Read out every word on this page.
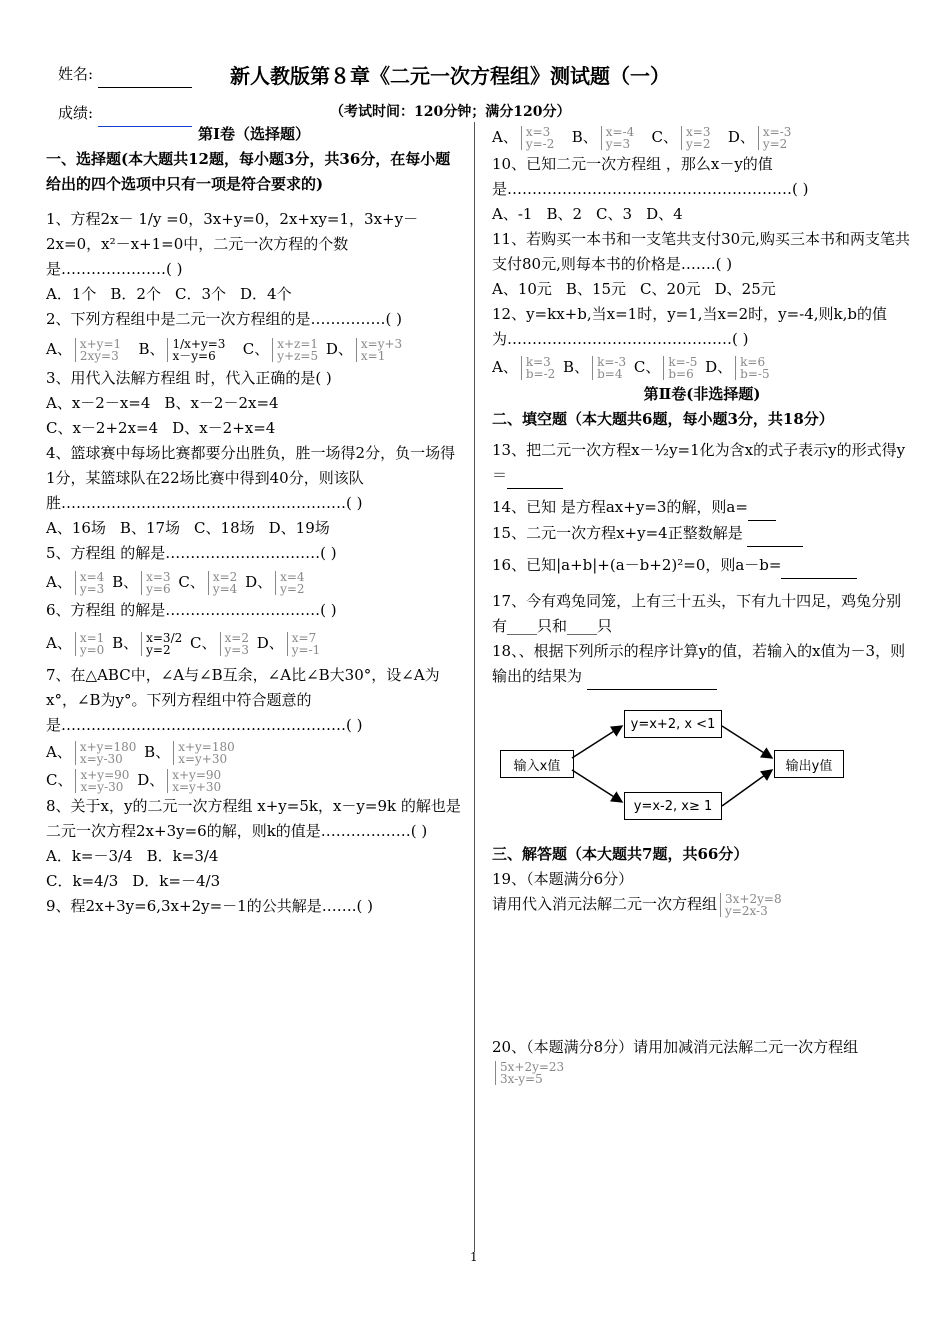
姓名:	新人教版第８章《二元一次方程组》测试题（一）
成绩:	（考试时间：120分钟；满分120分）

第Ⅰ卷（选择题）

一、选择题(本大题共12题，每小题3分，共36分，在每小题给出的四个选项中只有一项是符合要求的)

1、方程2x－ 1/y =0，3x+y=0，2x+xy=1，3x+y－2x=0，x²－x+1=0中，二元一次方程的个数是…………………( )

A．1个 B．2个 C．3个 D．4个

2、下列方程组中是二元一次方程组的是……………( )

A、 x+y=1
2xy=3   B、 1/x+y=3
x－y=6   C、 x+z=1
y+z=5 D、 x=y+3
x=1

3、用代入法解方程组 时，代入正确的是( )

A、x－2－x=4 B、x－2－2x=4
C、x－2+2x=4 D、x－2+x=4

4、篮球赛中每场比赛都要分出胜负，胜一场得2分，负一场得1分，某篮球队在22场比赛中得到40分，则该队胜…………………………………………………( )

A、16场 B、17场 C、18场 D、19场

5、方程组 的解是…………………….……( )

A、 x=4
y=3 B、 x=3
y=6 C、 x=2
y=4 D、 x=4
y=2

6、方程组 的解是…………………….……( )

A、 x=1
y=0 B、 x=3/2
y=2 C、 x=2
y=3 D、 x=7
y=-1

7、在△ABC中，∠A与∠B互余，∠A比∠B大30°，设∠A为x°，∠B为y°。下列方程组中符合题意的是…………………………………………………( )

A、 x+y=180
x=y-30 B、 x+y=180
x=y+30
C、 x+y=90
x=y-30 D、 x+y=90
x=y+30

8、关于x，y的二元一次方程组 x+y=5k，x－y=9k 的解也是二元一次方程2x+3y=6的解，则k的值是………………( )

A．k=－3/4 B．k=3/4
C．k=4/3 D．k=－4/3

9、程2x+3y=6,3x+2y=－1的公共解是…….( )

A、 x=3
y=-2 B、 x=-4
y=3 C、 x=3
y=2 D、 x=-3
y=2

10、已知二元一次方程组 ，那么x－y的值是…………………………………………………( )

A、-1 B、2 C、3 D、4

11、若购买一本书和一支笔共支付30元,购买三本书和两支笔共支付80元,则每本书的价格是…….( )

A、10元 B、15元 C、20元 D、25元

12、y=kx+b,当x=1时，y=1,当x=2时，y=-4,则k,b的值为………………………………………( )

A、 k=3
b=-2 B、 k=-3
b=4 C、 k=-5
b=6 D、 k=6
b=-5

第Ⅱ卷(非选择题)

二、填空题（本大题共6题，每小题3分，共18分）

13、把二元一次方程x－½y=1化为含x的式子表示y的形式得y＝

14、已知 是方程ax+y=3的解，则a=

15、二元一次方程x+y=4正整数解是

16、已知|a+b|+(a－b+2)²=0，则a－b=

17、今有鸡兔同笼，上有三十五头，下有九十四足，鸡兔分别有____只和____只

18、、根据下列所示的程序计算y的值，若输入的x值为－3，则输出的结果为

输入x值
y=x+2, x <1
y=x-2, x≥ 1
输出y值

三、解答题（本大题共7题，共66分）

19、（本题满分6分）

请用代入消元法解二元一次方程组 3x+2y=8
y=2x-3

20、（本题满分8分）请用加减消元法解二元一次方程组
5x+2y=23
3x-y=5

1
